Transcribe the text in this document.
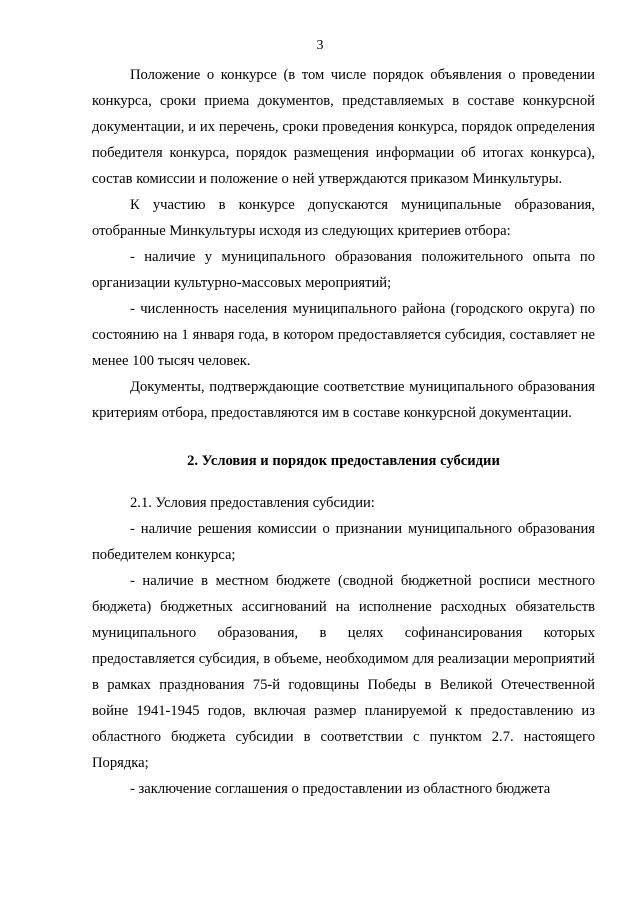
3

Положение о конкурсе (в том числе порядок объявления о проведении конкурса, сроки приема документов, представляемых в составе конкурсной документации, и их перечень, сроки проведения конкурса, порядок определения победителя конкурса, порядок размещения информации об итогах конкурса), состав комиссии и положение о ней утверждаются приказом Минкультуры.

К участию в конкурсе допускаются муниципальные образования, отобранные Минкультуры исходя из следующих критериев отбора:

- наличие у муниципального образования положительного опыта по организации культурно-массовых мероприятий;

- численность населения муниципального района (городского округа) по состоянию на 1 января года, в котором предоставляется субсидия, составляет не менее 100 тысяч человек.

Документы, подтверждающие соответствие муниципального образования критериям отбора, предоставляются им в составе конкурсной документации.

2. Условия и порядок предоставления субсидии

2.1. Условия предоставления субсидии:

- наличие решения комиссии о признании муниципального образования победителем конкурса;

- наличие в местном бюджете (сводной бюджетной росписи местного бюджета) бюджетных ассигнований на исполнение расходных обязательств муниципального образования, в целях софинансирования которых предоставляется субсидия, в объеме, необходимом для реализации мероприятий в рамках празднования 75-й годовщины Победы в Великой Отечественной войне 1941-1945 годов, включая размер планируемой к предоставлению из областного бюджета субсидии в соответствии с пунктом 2.7. настоящего Порядка;

- заключение соглашения о предоставлении из областного бюджета
